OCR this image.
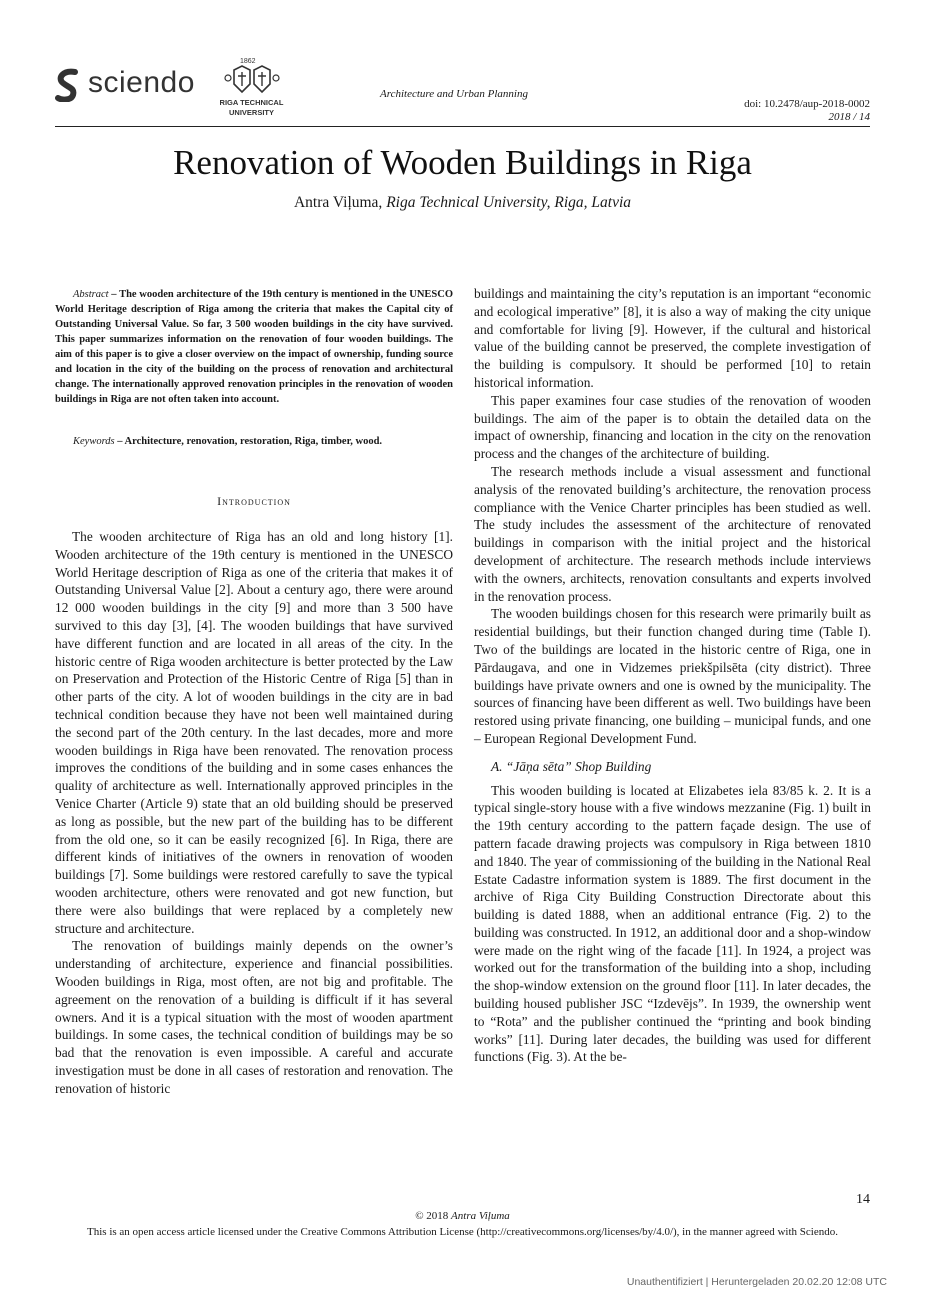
sciendo
1862
RIGA TECHNICAL
UNIVERSITY
Architecture and Urban Planning
doi: 10.2478/aup-2018-0002
2018 / 14
Renovation of Wooden Buildings in Riga
Antra Viļuma, Riga Technical University, Riga, Latvia
Abstract – The wooden architecture of the 19th century is mentioned in the UNESCO World Heritage description of Riga among the criteria that makes the Capital city of Outstanding Universal Value. So far, 3 500 wooden buildings in the city have survived. This paper summarizes information on the renovation of four wooden buildings. The aim of this paper is to give a closer overview on the impact of ownership, funding source and location in the city of the building on the process of renovation and architectural change. The internationally approved renovation principles in the renovation of wooden buildings in Riga are not often taken into account.
Keywords – Architecture, renovation, restoration, Riga, timber, wood.
Introduction

The wooden architecture of Riga has an old and long history [1]. Wooden architecture of the 19th century is mentioned in the UNESCO World Heritage description of Riga as one of the criteria that makes it of Outstanding Universal Value [2]. About a century ago, there were around 12 000 wooden buildings in the city [9] and more than 3 500 have survived to this day [3], [4]. The wooden buildings that have survived have different function and are located in all areas of the city. In the historic centre of Riga wooden architecture is better protected by the Law on Preservation and Protection of the Historic Centre of Riga [5] than in other parts of the city. A lot of wooden buildings in the city are in bad technical condition because they have not been well maintained during the second part of the 20th century. In the last decades, more and more wooden buildings in Riga have been renovated. The renovation process improves the conditions of the building and in some cases enhances the quality of architecture as well. Internationally approved principles in the Venice Charter (Article 9) state that an old building should be preserved as long as possible, but the new part of the building has to be different from the old one, so it can be easily recognized [6]. In Riga, there are different kinds of initiatives of the owners in renovation of wooden buildings [7]. Some buildings were restored carefully to save the typical wooden architecture, others were renovated and got new function, but there were also buildings that were replaced by a completely new structure and architecture.

The renovation of buildings mainly depends on the owner’s understanding of architecture, experience and financial possibilities. Wooden buildings in Riga, most often, are not big and profitable. The agreement on the renovation of a building is difficult if it has several owners. And it is a typical situation with the most of wooden apartment buildings. In some cases, the technical condition of buildings may be so bad that the renovation is even impossible. A careful and accurate investigation must be done in all cases of restoration and renovation. The renovation of historic

buildings and maintaining the city’s reputation is an important “economic and ecological imperative” [8], it is also a way of making the city unique and comfortable for living [9]. However, if the cultural and historical value of the building cannot be preserved, the complete investigation of the building is compulsory. It should be performed [10] to retain historical information.

This paper examines four case studies of the renovation of wooden buildings. The aim of the paper is to obtain the detailed data on the impact of ownership, financing and location in the city on the renovation process and the changes of the architecture of building.

The research methods include a visual assessment and functional analysis of the renovated building’s architecture, the renovation process compliance with the Venice Charter principles has been studied as well. The study includes the assessment of the architecture of renovated buildings in comparison with the initial project and the historical development of architecture. The research methods include interviews with the owners, architects, renovation consultants and experts involved in the renovation process.

The wooden buildings chosen for this research were primarily built as residential buildings, but their function changed during time (Table I). Two of the buildings are located in the historic centre of Riga, one in Pārdaugava, and one in Vidzemes priekšpilsēta (city district). Three buildings have private owners and one is owned by the municipality. The sources of financing have been different as well. Two buildings have been restored using private financing, one building – municipal funds, and one – European Regional Development Fund.

A. “Jāņa sēta” Shop Building

This wooden building is located at Elizabetes iela 83/85 k. 2. It is a typical single-story house with a five windows mezzanine (Fig. 1) built in the 19th century according to the pattern façade design. The use of pattern facade drawing projects was compulsory in Riga between 1810 and 1840. The year of commissioning of the building in the National Real Estate Cadastre information system is 1889. The first document in the archive of Riga City Building Construction Directorate about this building is dated 1888, when an additional entrance (Fig. 2) to the building was constructed. In 1912, an additional door and a shop-window were made on the right wing of the facade [11]. In 1924, a project was worked out for the transformation of the building into a shop, including the shop-window extension on the ground floor [11]. In later decades, the building housed publisher JSC “Izdevējs”. In 1939, the ownership went to “Rota” and the publisher continued the “printing and book binding works” [11]. During later decades, the building was used for different functions (Fig. 3). At the be-

14
© 2018 Antra Viļuma
This is an open access article licensed under the Creative Commons Attribution License (http://creativecommons.org/licenses/by/4.0/), in the manner agreed with Sciendo.
Unauthentifiziert | Heruntergeladen 20.02.20 12:08 UTC
